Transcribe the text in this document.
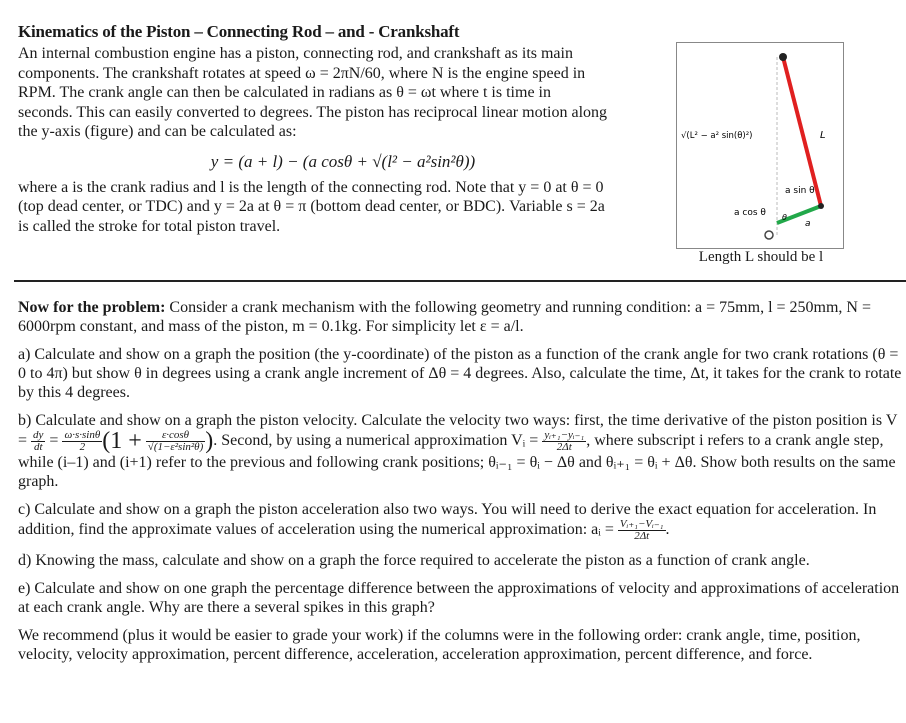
Kinematics of the Piston – Connecting Rod – and - Crankshaft

An internal combustion engine has a piston, connecting rod, and crankshaft as its main components. The crankshaft rotates at speed ω = 2πN/60, where N is the engine speed in RPM. The crank angle can then be calculated in radians as θ = ωt where t is time in seconds. This can easily converted to degrees. The piston has reciprocal linear motion along the y-axis (figure) and can be calculated as:

y = (a + l) − (a cosθ + √(l² − a²sin²θ))

where a is the crank radius and l is the length of the connecting rod. Note that y = 0 at θ = 0 (top dead center, or TDC) and y = 2a at θ = π (bottom dead center, or BDC). Variable s = 2a is called the stroke for total piston travel.

√(L² − a² sin(θ)²)	L
a sin θ
a cos θ θ
a
Length L should be l

Now for the problem: Consider a crank mechanism with the following geometry and running condition: a = 75mm, l = 250mm, N = 6000rpm constant, and mass of the piston, m = 0.1kg. For simplicity let ε = a/l.

a) Calculate and show on a graph the position (the y-coordinate) of the piston as a function of the crank angle for two crank rotations (θ = 0 to 4π) but show θ in degrees using a crank angle increment of Δθ = 4 degrees. Also, calculate the time, Δt, it takes for the crank to rotate by this 4 degrees.

b) Calculate and show on a graph the piston velocity. Calculate the velocity two ways: first, the time derivative of the piston position is $V = \frac{dy}{dt} = \frac{\omega\cdot s\cdot\sin\theta}{2} (1 + \frac{\varepsilon\cdot\cos\theta}{\text{√(1−ε²sin²θ)}}$ ). Second, by using a numerical approximation Vᵢ = $\frac{\text{yᵢ₊₁−yᵢ₋₁}}{2\Delta t}$ , where subscript i refers to a crank angle step, while (i–1) and (i+1) refer to the previous and following crank positions; θᵢ₋₁ = θᵢ − Δθ and θᵢ₊₁ = θᵢ + Δθ. Show both results on the same graph.

c) Calculate and show on a graph the piston acceleration also two ways. You will need to derive the exact equation for acceleration. In addition, find the approximate values of acceleration using the numerical approximation: aᵢ = $\frac{\text{Vᵢ₊₁−Vᵢ₋₁}}{2\Delta t}$ .

d) Knowing the mass, calculate and show on a graph the force required to accelerate the piston as a function of crank angle.

e) Calculate and show on one graph the percentage difference between the approximations of velocity and approximations of acceleration at each crank angle. Why are there a several spikes in this graph?

We recommend (plus it would be easier to grade your work) if the columns were in the following order: crank angle, time, position, velocity, velocity approximation, percent difference, acceleration, acceleration approximation, percent difference, and force.
